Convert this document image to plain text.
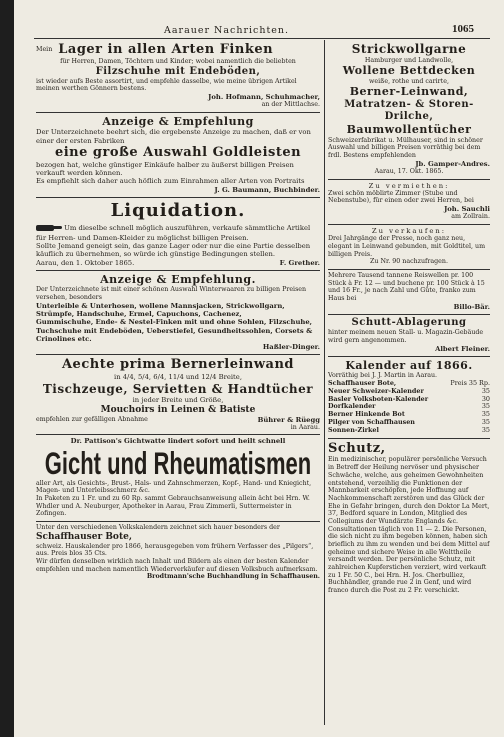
Aarauer Nachrichten.	1065
Mein Lager in allen Arten Finken
für Herren, Damen, Töchtern und Kinder; wobei namentlich die beliebten
Filzschuhe mit Endeböden,
ist wieder aufs Beste assortirt, und empfehle dasselbe, wie meine übrigen Artikel meinen werthen Gönnern bestens.
Joh. Hofmann, Schuhmacher,
an der Mittlachse.
Anzeige & Empfehlung
Der Unterzeichnete beehrt sich, die ergebenste Anzeige zu machen, daß er von einer der ersten Fabriken
eine große Auswahl Goldleisten
bezogen hat, welche günstiger Einkäufe halber zu äußerst billigen Preisen verkauft werden können.
Es empfiehlt sich daher auch höflich zum Einrahmen aller Arten von Portraits
J. G. Baumann, Buchbinder.
Liquidation.
Um dieselbe schnell möglich auszuführen, verkaufe sämmtliche Artikel für Herren- und Damen-Kleider zu möglichst billigen Preisen.
Sollte Jemand geneigt sein, das ganze Lager oder nur die eine Partie desselben käuflich zu übernehmen, so würde ich günstige Bedingungen stellen.
Aarau, den 1. Oktober 1865.	F. Grether.
Anzeige & Empfehlung.
Der Unterzeichnete ist mit einer schönen Auswahl Winterwaaren zu billigen Preisen versehen, besonders
Unterleible & Unterhosen, wollene Mannsjacken, Strickwollgarn, Strümpfe, Handschuhe, Ermel, Capuchons, Cachenez,
Gummischuhe, Ende- & Nestel-Finken mit und ohne Sohlen, Filzschuhe, Tuchschuhe mit Endeböden, Ueberstiefel, Gesundheitssohlen, Corsets & Crinolines etc.
Haßler-Dinger.
Aechte prima Bernerleinwand
in 4/4, 5/4, 6/4, 11/4 und 12/4 Breite,
Tischzeuge, Servietten & Handtücher
in jeder Breite und Größe,
Mouchoirs in Leinen & Batiste
empfehlen zur gefälligen Abnahme	Bührer & Rüegg
in Aarau.
Dr. Pattison's Gichtwatte lindert sofort und heilt schnell
Gicht und Rheumatismen
aller Art, als Gesichts-, Brust-, Hals- und Zahnschmerzen, Kopf-, Hand- und Kniegicht, Magen- und Unterleibsschmerz &c.
In Paketen zu 1 Fr. und zu 60 Rp. sammt Gebrauchsanweisung allein ächt bei Hrn. W. Whdler und A. Neuburger, Apotheker in Aarau, Frau Zimmerli, Suttermeister in Zofingen.
Unter den verschiedenen Volkskalendern zeichnet sich hauer besonders der
Schaffhauser Bote,
schweiz. Hauskalender pro 1866, herausgegeben vom frühern Verfasser des „Pilgers“, aus. Preis blos 35 Cts.
Wir dürfen denselben wirklich nach Inhalt und Bildern als einen der besten Kalender empfehlen und machen namentlich Wiederverkäufer auf diesen Volksbuch aufmerksam.
Brodtmann'sche Buchhandlung in Schaffhausen.
Strickwollgarne
Hamburger und Landwolle,
Wollene Bettdecken
weiße, rothe und carirte,
Berner-Leinwand,
Matratzen- & Storen-Drilche,
Baumwollentücher
Schweizerfabrikat u. Mülhauser, sind in schöner Auswahl und billigen Preisen vorräthig bei dem frdl. Bestens empfehlenden
Jb. Gamper-Andres.
Aarau, 17. Okt. 1865.
Zu vermiethen:
Zwei schön möblirte Zimmer (Stube und Nebenstube), für einen oder zwei Herren, bei
Joh. Sauchli
am Zollrain.
Zu verkaufen:
Drei Jahrgänge der Presse, noch ganz neu, elegant in Leinwand gebunden, mit Goldtitel, um billigen Preis.
Zu Nr. 90 nachzufragen.
Mehrere Tausend tannene Reiswellen pr. 100 Stück à Fr. 12 — und buchene pr. 100 Stück à 15 und 16 Fr., je nach Zahl und Güte, franko zum Haus bei
Billo-Bär.
Schutt-Ablagerung
hinter meinem neuen Stall- u. Magazin-Gebäude wird gern angenommen.
Albert Fleiner.
Kalender auf 1866.
Vorräthig bei J. J. Martin in Aarau.
Schaffhauser Bote,	Preis 35 Rp.
Neuer Schweizer-Kalender	35
Basler Volksboten-Kalender	30
Dorfkalender	35
Berner Hinkende Bot	35
Pilger von Schaffhausen	35
Sonnen-Zirkel	35
Schutz,
Ein medizinischer, populärer persönliche Versuch in Betreff der Heilung nervöser und physischer Schwäche, welche, aus geheimen Gewohnheiten entstehend, verzeihlig die Funktionen der Mannbarkeit erschöpfen, jede Hoffnung auf Nachkommenschaft zerstören und das Glück der Ehe in Gefahr bringen, durch den Doktor La Mert, 37, Bedford square in London, Mitglied des Collegiums der Wundärzte Englands &c.
Consultationen täglich von 11 — 2. Die Personen, die sich nicht zu ihm begeben können, haben sich brieflich zu ihm zu wenden und bei dem Mittel auf geheime und sichere Weise in alle Welttheile versandt werden. Der persönliche Schutz, mit zahlreichen Kupferstichen verziert, wird verkauft zu 1 Fr. 50 C., bei Hrn. H. Jos. Cherbulliez, Buchhändler, grande rue 2 in Genf, und wird franco durch die Post zu 2 Fr. verschickt.
